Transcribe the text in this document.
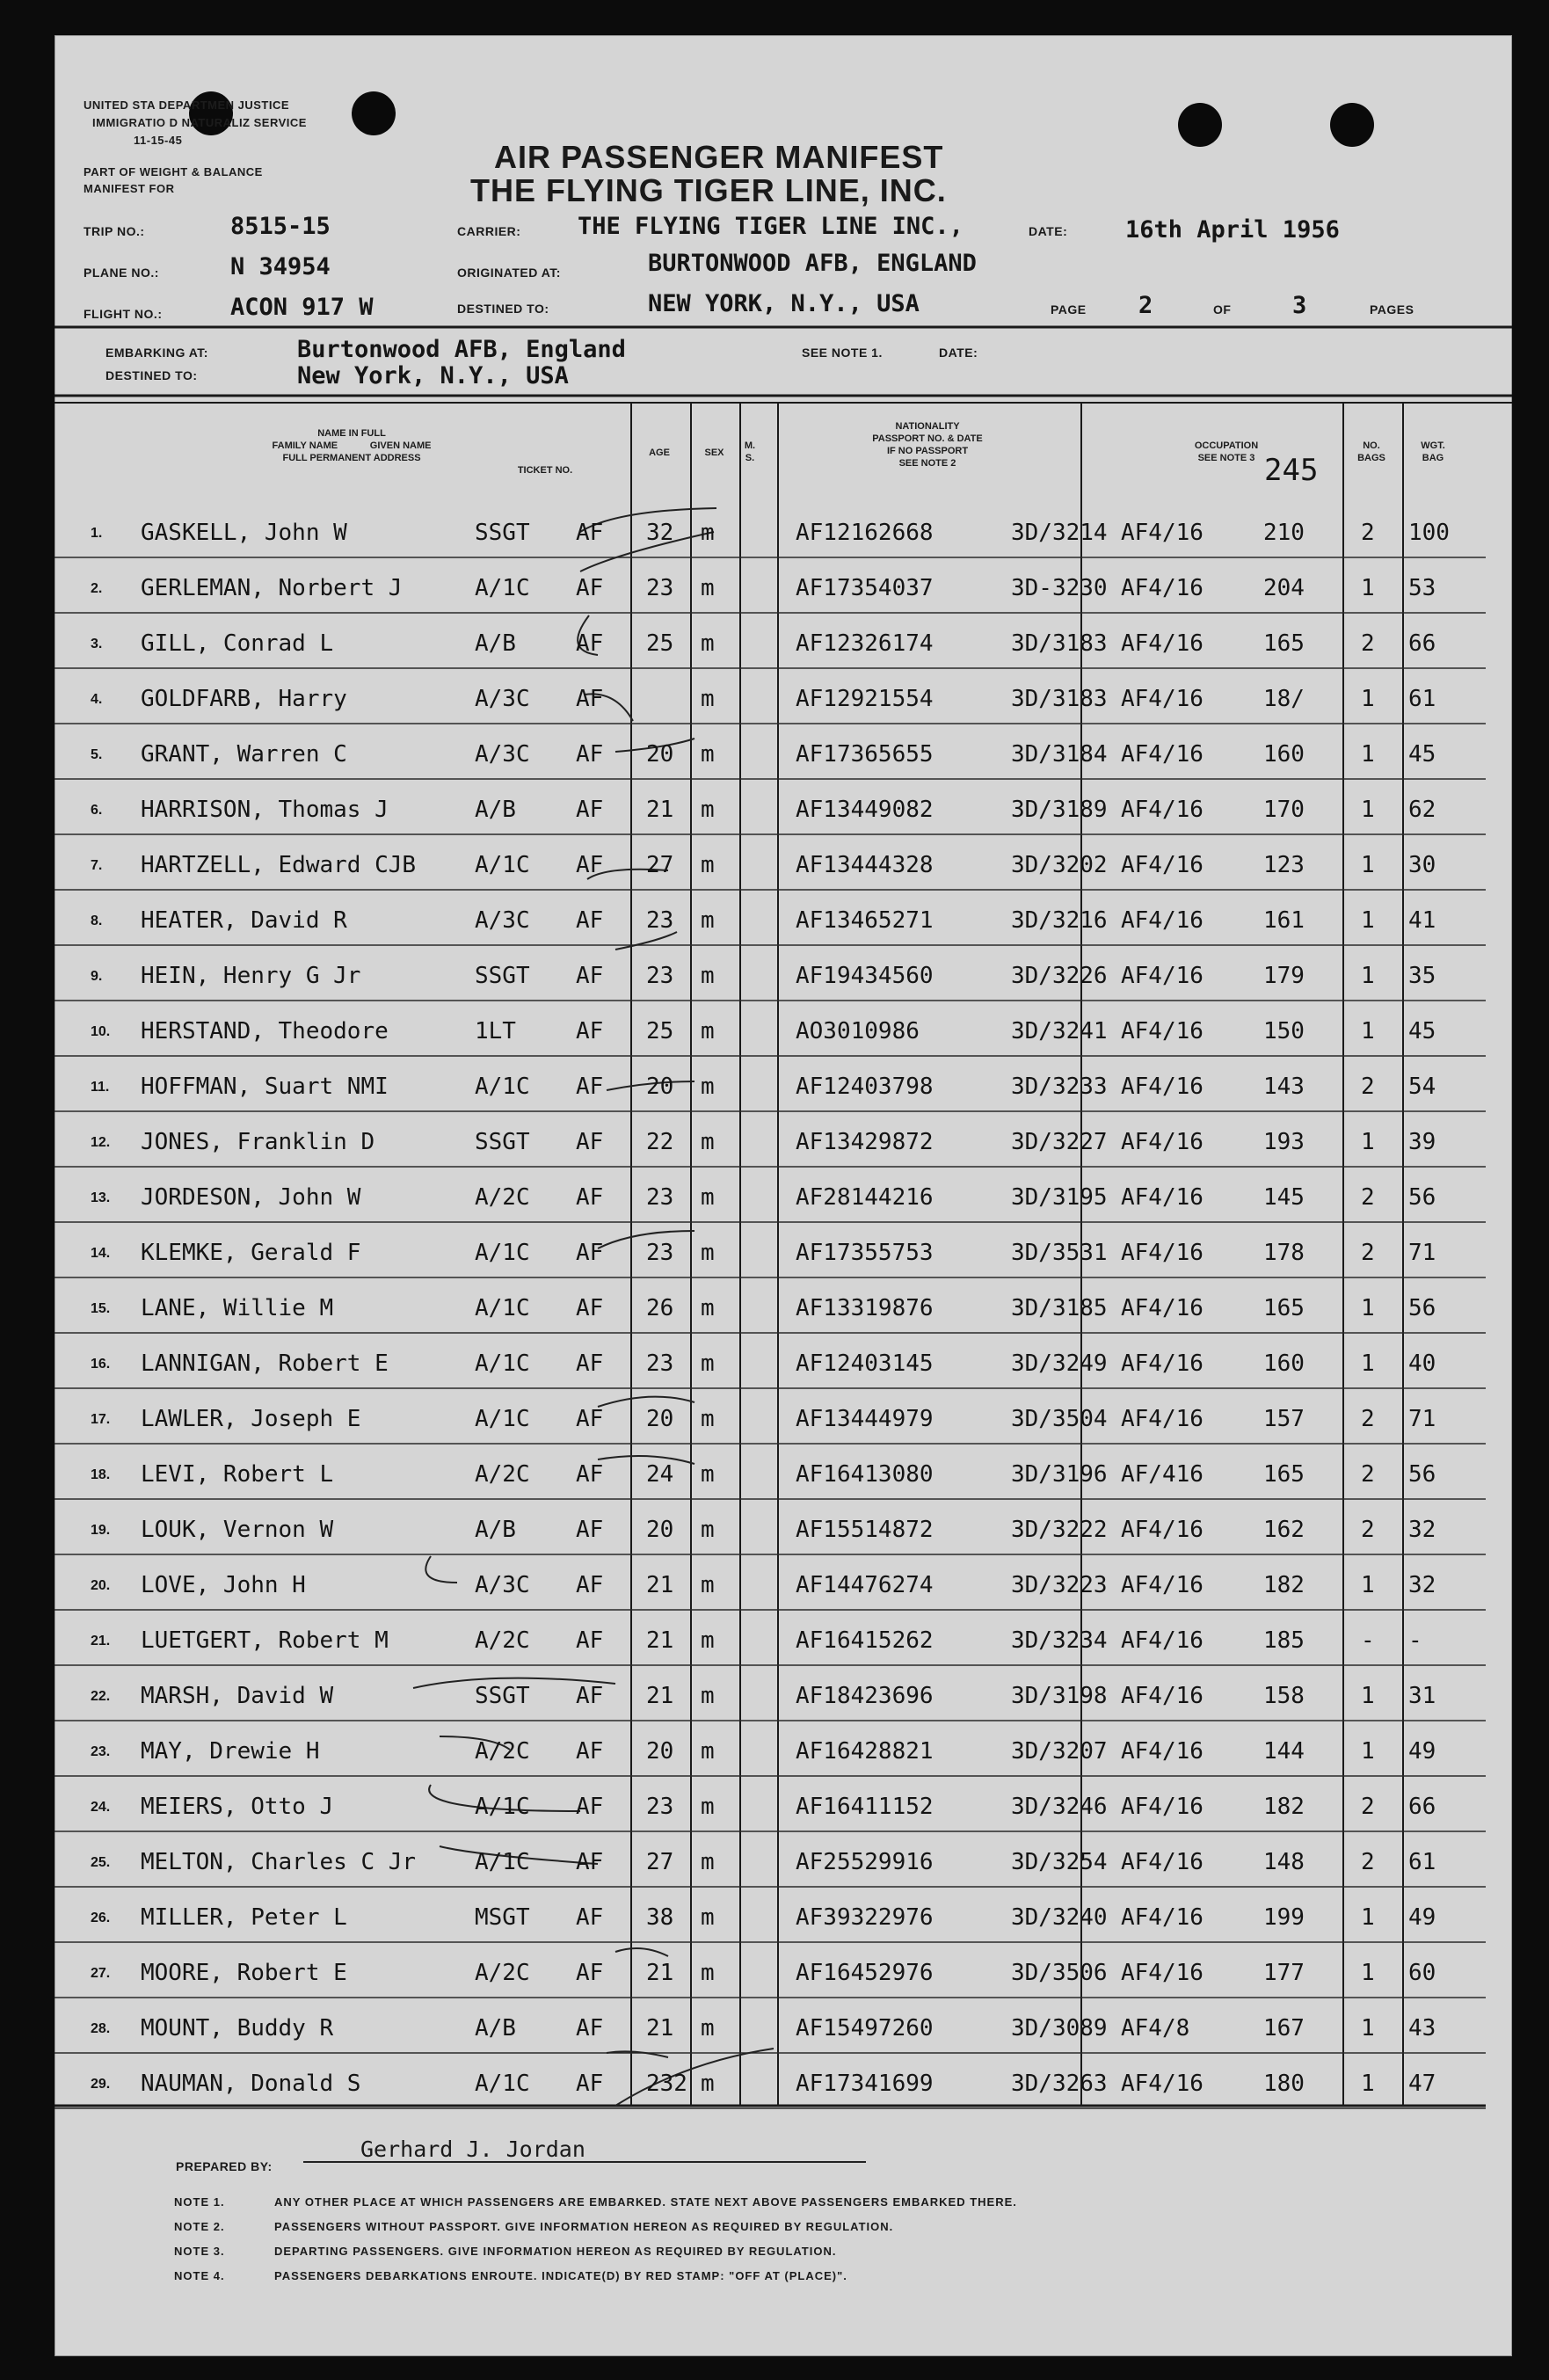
UNITED STA DEPARTMEN JUSTICE
IMMIGRATIO D NATURALIZ SERVICE
11-15-45
PART OF WEIGHT & BALANCE
MANIFEST FOR
AIR PASSENGER MANIFEST
THE FLYING TIGER LINE, INC.
TRIP NO.:	8515-15	CARRIER: THE FLYING TIGER LINE INC.,	DATE: 16th April 1956
PLANE NO.:	N 34954	ORIGINATED AT:	BURTONWOOD AFB, ENGLAND
FLIGHT NO.:	ACON 917 W	DESTINED TO:	NEW YORK, N.Y., USA	PAGE 2	OF	3	PAGES
EMBARKING AT:	Burtonwood AFB, England
DESTINED TO:	New York, N.Y., USA
SEE NOTE 1.	DATE:
NAME IN FULL
FAMILY NAME	GIVEN NAME
FULL PERMANENT ADDRESS
TICKET NO.
AGE	SEX
M. S.
NATIONALITY
PASSPORT NO. & DATE
IF NO PASSPORT
SEE NOTE 2
OCCUPATION
SEE NOTE 3 245
NO.
BAGS
WGT.
BAG
1. GASKELL, John W	SSGT AF 32 m	AF12162668	3D/3214 AF4/16	210 2 100
2. GERLEMAN, Norbert J	A/1C AF 23 m	AF17354037	3D-3230 AF4/16	204 1 53
3. GILL, Conrad L	A/B	AF 25 m	AF12326174	3D/3183 AF4/16	165 2 66
4. GOLDFARB, Harry	A/3C AF	m	AF12921554	3D/3183 AF4/16	18/ 1 61
5. GRANT, Warren C	A/3C AF 20 m	AF17365655	3D/3184 AF4/16	160 1 45
6. HARRISON, Thomas J	A/B	AF 21 m	AF13449082	3D/3189 AF4/16	170 1 62
7. HARTZELL, Edward CJB	A/1C AF 27 m	AF13444328	3D/3202 AF4/16	123 1 30
8. HEATER, David R	A/3C AF 23 m	AF13465271	3D/3216 AF4/16	161 1 41
9. HEIN, Henry G Jr	SSGT AF 23 m	AF19434560	3D/3226 AF4/16	179 1 35
10. HERSTAND, Theodore	1LT	AF 25 m	AO3010986	3D/3241 AF4/16	150 1 45
11. HOFFMAN, Suart NMI	A/1C AF 20 m	AF12403798	3D/3233 AF4/16	143 2 54
12. JONES, Franklin D	SSGT AF 22 m	AF13429872	3D/3227 AF4/16	193 1 39
13. JORDESON, John W	A/2C AF 23 m	AF28144216	3D/3195 AF4/16	145 2 56
14. KLEMKE, Gerald F	A/1C AF 23 m	AF17355753	3D/3531 AF4/16	178 2 71
15. LANE, Willie M	A/1C AF 26 m	AF13319876	3D/3185 AF4/16	165 1 56
16. LANNIGAN, Robert E	A/1C AF 23 m	AF12403145	3D/3249 AF4/16	160 1 40
17. LAWLER, Joseph E	A/1C AF 20 m	AF13444979	3D/3504 AF4/16	157 2 71
18. LEVI, Robert L	A/2C AF 24 m	AF16413080	3D/3196 AF/416	165 2 56
19. LOUK, Vernon W	A/B	AF 20 m	AF15514872	3D/3222 AF4/16	162 2 32
20. LOVE, John H	A/3C AF 21 m	AF14476274	3D/3223 AF4/16	182 1 32
21. LUETGERT, Robert M	A/2C AF 21 m	AF16415262	3D/3234 AF4/16	185 - -
22. MARSH, David W	SSGT AF 21 m	AF18423696	3D/3198 AF4/16	158 1 31
23. MAY, Drewie H	A/2C AF 20 m	AF16428821	3D/3207 AF4/16	144 1 49
24. MEIERS, Otto J	A/1C AF 23 m	AF16411152	3D/3246 AF4/16	182 2 66
25. MELTON, Charles C Jr	A/1C AF 27 m	AF25529916	3D/3254 AF4/16	148 2 61
26. MILLER, Peter L	MSGT AF 38 m	AF39322976	3D/3240 AF4/16	199 1 49
27. MOORE, Robert E	A/2C AF 21 m	AF16452976	3D/3506 AF4/16	177 1 60
28. MOUNT, Buddy R	A/B	AF 21 m	AF15497260	3D/3089 AF4/8	167 1 43
29. NAUMAN, Donald S	A/1C AF 232 m	AF17341699	3D/3263 AF4/16	180 1 47
PREPARED BY:
Gerhard J. Jordan
NOTE 1.	ANY OTHER PLACE AT WHICH PASSENGERS ARE EMBARKED. STATE NEXT ABOVE PASSENGERS EMBARKED THERE.
NOTE 2.	PASSENGERS WITHOUT PASSPORT. GIVE INFORMATION HEREON AS REQUIRED BY REGULATION.
NOTE 3.	DEPARTING PASSENGERS. GIVE INFORMATION HEREON AS REQUIRED BY REGULATION.
NOTE 4.	PASSENGERS DEBARKATIONS ENROUTE. INDICATE(D) BY RED STAMP: "OFF AT (PLACE)".
